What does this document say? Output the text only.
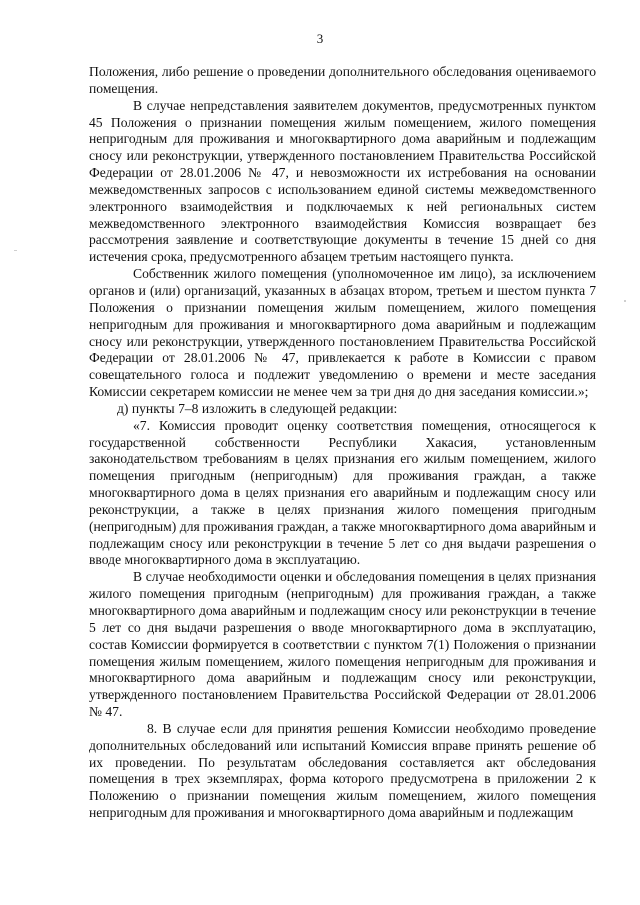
3

Положения, либо решение о проведении дополнительного обследования оцениваемого помещения.

В случае непредставления заявителем документов, предусмотренных пунктом 45 Положения о признании помещения жилым помещением, жилого помещения непригодным для проживания и многоквартирного дома аварийным и подлежащим сносу или реконструкции, утвержденного постановлением Правительства Российской Федерации от 28.01.2006 № 47, и невозможности их истребования на основании межведомственных запросов с использованием единой системы межведомственного электронного взаимодействия и подключаемых к ней региональных систем межведомственного электронного взаимодействия Комиссия возвращает без рассмотрения заявление и соответствующие документы в течение 15 дней со дня истечения срока, предусмотренного абзацем третьим настоящего пункта.

Собственник жилого помещения (уполномоченное им лицо), за исключением органов и (или) организаций, указанных в абзацах втором, третьем и шестом пункта 7 Положения о признании помещения жилым помещением, жилого помещения непригодным для проживания и многоквартирного дома аварийным и подлежащим сносу или реконструкции, утвержденного постановлением Правительства Российской Федерации от 28.01.2006 № 47, привлекается к работе в Комиссии с правом совещательного голоса и подлежит уведомлению о времени и месте заседания Комиссии секретарем комиссии не менее чем за три дня до дня заседания комиссии.»;

д) пункты 7–8 изложить в следующей редакции:

«7. Комиссия проводит оценку соответствия помещения, относящегося к государственной собственности Республики Хакасия, установленным законодательством требованиям в целях признания его жилым помещением, жилого помещения пригодным (непригодным) для проживания граждан, а также многоквартирного дома в целях признания его аварийным и подлежащим сносу или реконструкции, а также в целях признания жилого помещения пригодным (непригодным) для проживания граждан, а также многоквартирного дома аварийным и подлежащим сносу или реконструкции в течение 5 лет со дня выдачи разрешения о вводе многоквартирного дома в эксплуатацию.

В случае необходимости оценки и обследования помещения в целях признания жилого помещения пригодным (непригодным) для проживания граждан, а также многоквартирного дома аварийным и подлежащим сносу или реконструкции в течение 5 лет со дня выдачи разрешения о вводе многоквартирного дома в эксплуатацию, состав Комиссии формируется в соответствии с пунктом 7(1) Положения о признании помещения жилым помещением, жилого помещения непригодным для проживания и многоквартирного дома аварийным и подлежащим сносу или реконструкции, утвержденного постановлением Правительства Российской Федерации от 28.01.2006 № 47.

8. В случае если для принятия решения Комиссии необходимо проведение дополнительных обследований или испытаний Комиссия вправе принять решение об их проведении. По результатам обследования составляется акт обследования помещения в трех экземплярах, форма которого предусмотрена в приложении 2 к Положению о признании помещения жилым помещением, жилого помещения непригодным для проживания и многоквартирного дома аварийным и подлежащим
